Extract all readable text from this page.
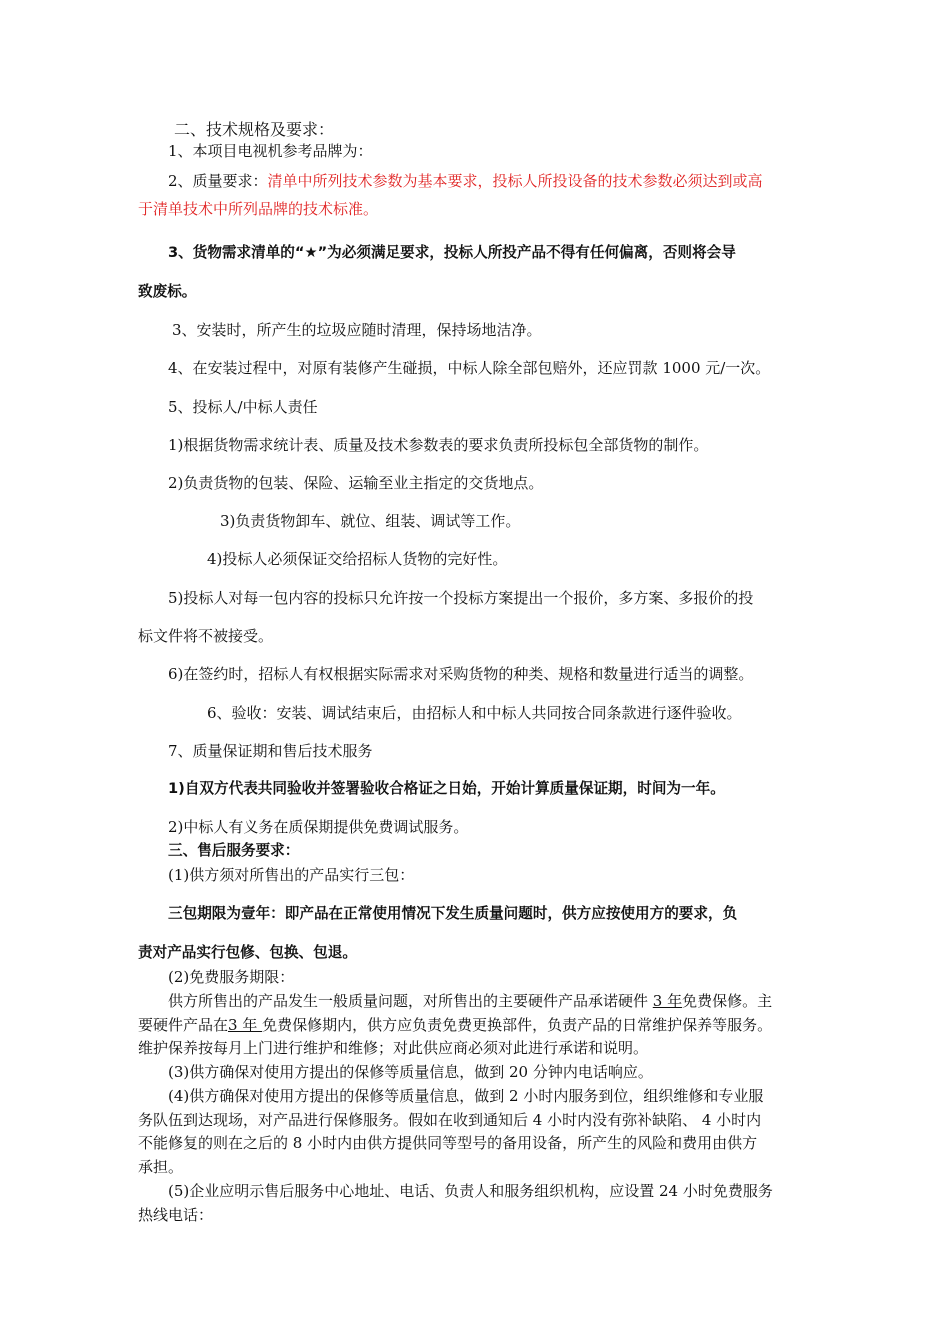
二、技术规格及要求：
1、本项目电视机参考品牌为：
2、质量要求：清单中所列技术参数为基本要求，投标人所投设备的技术参数必须达到或高
于清单技术中所列品牌的技术标准。
3、货物需求清单的“★”为必须满足要求，投标人所投产品不得有任何偏离，否则将会导
致废标。
3、安装时，所产生的垃圾应随时清理，保持场地洁净。
4、在安装过程中，对原有装修产生碰损，中标人除全部包赔外，还应罚款 1000 元/一次。
5、投标人/中标人责任
1)根据货物需求统计表、质量及技术参数表的要求负责所投标包全部货物的制作。
2)负责货物的包装、保险、运输至业主指定的交货地点。
3)负责货物卸车、就位、组装、调试等工作。
4)投标人必须保证交给招标人货物的完好性。
5)投标人对每一包内容的投标只允许按一个投标方案提出一个报价，多方案、多报价的投
标文件将不被接受。
6)在签约时，招标人有权根据实际需求对采购货物的种类、规格和数量进行适当的调整。
6、验收：安装、调试结束后，由招标人和中标人共同按合同条款进行逐件验收。
7、质量保证期和售后技术服务
1)自双方代表共同验收并签署验收合格证之日始，开始计算质量保证期，时间为一年。
2)中标人有义务在质保期提供免费调试服务。
三、售后服务要求：
(1)供方须对所售出的产品实行三包：
三包期限为壹年：即产品在正常使用情况下发生质量问题时，供方应按使用方的要求，负
责对产品实行包修、包换、包退。
(2)免费服务期限：
供方所售出的产品发生一般质量问题，对所售出的主要硬件产品承诺硬件 3 年免费保修。主
要硬件产品在3 年 免费保修期内，供方应负责免费更换部件，负责产品的日常维护保养等服务。
维护保养按每月上门进行维护和维修；对此供应商必须对此进行承诺和说明。
(3)供方确保对使用方提出的保修等质量信息，做到 20 分钟内电话响应。
(4)供方确保对使用方提出的保修等质量信息，做到 2 小时内服务到位，组织维修和专业服
务队伍到达现场，对产品进行保修服务。假如在收到通知后 4 小时内没有弥补缺陷、 4 小时内
不能修复的则在之后的 8 小时内由供方提供同等型号的备用设备，所产生的风险和费用由供方
承担。
(5)企业应明示售后服务中心地址、电话、负责人和服务组织机构，应设置 24 小时免费服务
热线电话：
